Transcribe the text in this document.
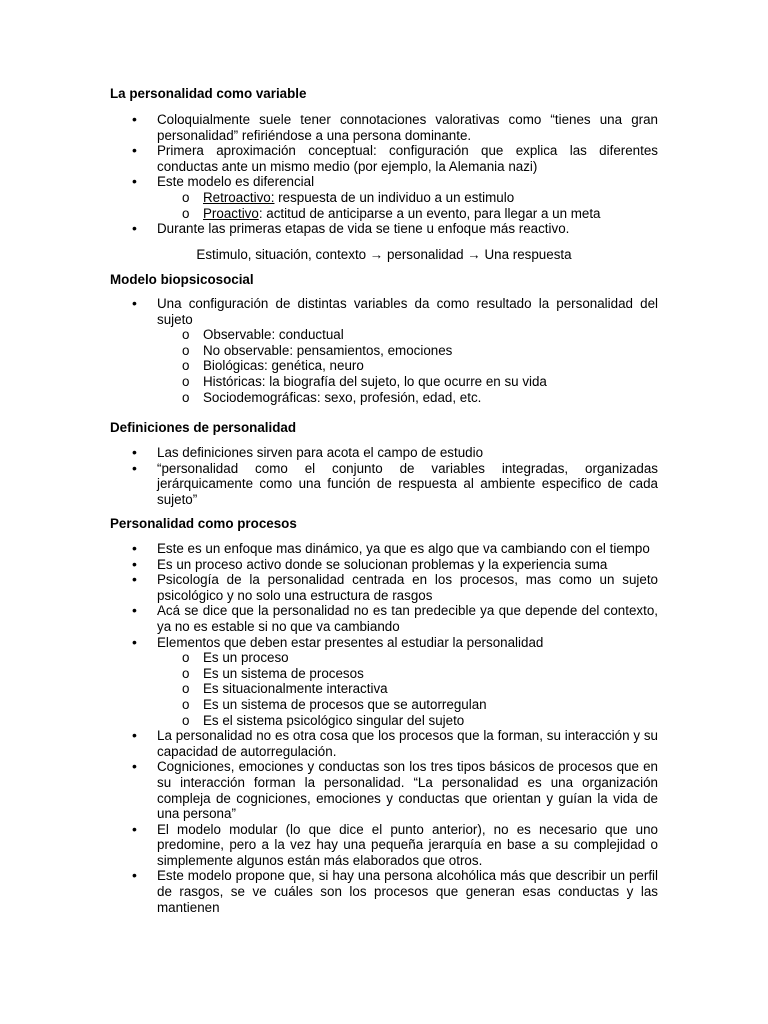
La personalidad como variable
• Coloquialmente suele tener connotaciones valorativas como “tienes una gran personalidad” refiriéndose a una persona dominante.
• Primera aproximación conceptual: configuración que explica las diferentes conductas ante un mismo medio (por ejemplo, la Alemania nazi)
• Este modelo es diferencial
o Retroactivo: respuesta de un individuo a un estimulo
o Proactivo: actitud de anticiparse a un evento, para llegar a un meta
• Durante las primeras etapas de vida se tiene u enfoque más reactivo.
Estimulo, situación, contexto → personalidad → Una respuesta
Modelo biopsicosocial
• Una configuración de distintas variables da como resultado la personalidad del sujeto
o Observable: conductual
o No observable: pensamientos, emociones
o Biológicas: genética, neuro
o Históricas: la biografía del sujeto, lo que ocurre en su vida
o Sociodemográficas: sexo, profesión, edad, etc.
Definiciones de personalidad
• Las definiciones sirven para acota el campo de estudio
• “personalidad como el conjunto de variables integradas, organizadas jerárquicamente como una función de respuesta al ambiente especifico de cada sujeto”
Personalidad como procesos
• Este es un enfoque mas dinámico, ya que es algo que va cambiando con el tiempo
• Es un proceso activo donde se solucionan problemas y la experiencia suma
• Psicología de la personalidad centrada en los procesos, mas como un sujeto psicológico y no solo una estructura de rasgos
• Acá se dice que la personalidad no es tan predecible ya que depende del contexto, ya no es estable si no que va cambiando
• Elementos que deben estar presentes al estudiar la personalidad
o Es un proceso
o Es un sistema de procesos
o Es situacionalmente interactiva
o Es un sistema de procesos que se autorregulan
o Es el sistema psicológico singular del sujeto
• La personalidad no es otra cosa que los procesos que la forman, su interacción y su capacidad de autorregulación.
• Cogniciones, emociones y conductas son los tres tipos básicos de procesos que en su interacción forman la personalidad. “La personalidad es una organización compleja de cogniciones, emociones y conductas que orientan y guían la vida de una persona”
• El modelo modular (lo que dice el punto anterior), no es necesario que uno predomine, pero a la vez hay una pequeña jerarquía en base a su complejidad o simplemente algunos están más elaborados que otros.
• Este modelo propone que, si hay una persona alcohólica más que describir un perfil de rasgos, se ve cuáles son los procesos que generan esas conductas y las mantienen
